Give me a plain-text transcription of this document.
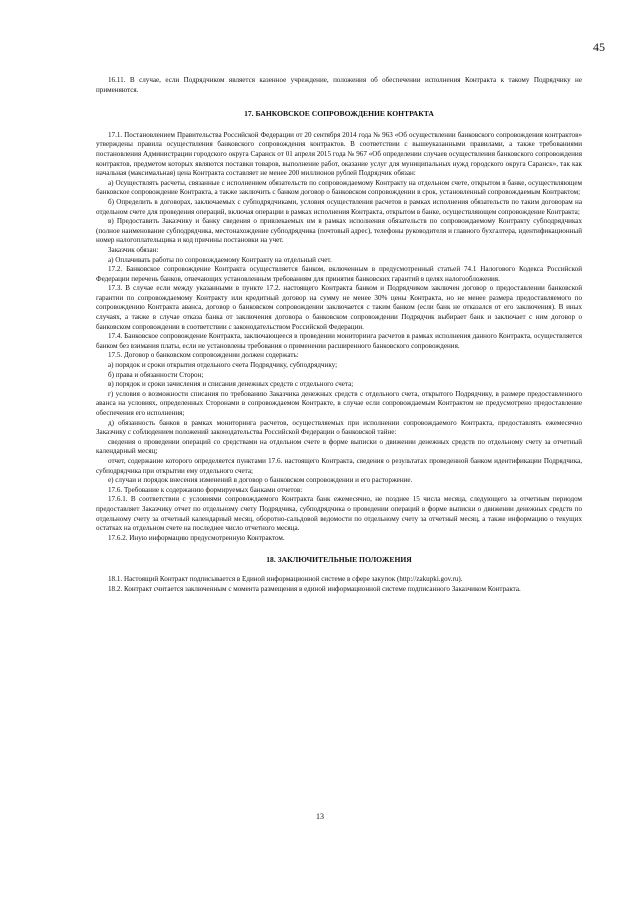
45

16.11. В случае, если Подрядчиком является казенное учреждение, положения об обеспечении исполнения Контракта к такому Подрядчику не применяются.

17. БАНКОВСКОЕ СОПРОВОЖДЕНИЕ КОНТРАКТА

17.1. Постановлением Правительства Российской Федерации от 20 сентября 2014 года № 963 «Об осуществлении банковского сопровождения контрактов» утверждены правила осуществления банковского сопровождения контрактов. В соответствии с вышеуказанными правилами, а также требованиями постановления Администрации городского округа Саранск от 01 апреля 2015 года № 967 «Об определении случаев осуществления банковского сопровождения контрактов, предметом которых являются поставки товаров, выполнение работ, оказание услуг для муниципальных нужд городского округа Саранск», так как начальная (максимальная) цена Контракта составляет не менее 200 миллионов рублей Подрядчик обязан:

а) Осуществлять расчеты, связанные с исполнением обязательств по сопровождаемому Контракту на отдельном счете, открытом в банке, осуществляющем банковское сопровождение Контракта, а также заключить с банком договор о банковском сопровождении в срок, установленный сопровождаемым Контрактом;

б) Определить в договорах, заключаемых с субподрядчиками, условия осуществления расчетов в рамках исполнения обязательств по таким договорам на отдельном счете для проведения операций, включая операции в рамках исполнения Контракта, открытом в банке, осуществляющем сопровождение Контракта;

в) Предоставить Заказчику и банку сведения о привлекаемых им в рамках исполнения обязательств по сопровождаемому Контракту субподрядчиках (полное наименование субподрядчика, местонахождение субподрядчика (почтовый адрес), телефоны руководителя и главного бухгалтера, идентификационный номер налогоплательщика и код причины постановки на учет.

Заказчик обязан:

а) Оплачивать работы по сопровождаемому Контракту на отдельный счет.

17.2. Банковское сопровождение Контракта осуществляется банком, включенным в предусмотренный статьей 74.1 Налогового Кодекса Российской Федерации перечень банков, отвечающих установленным требованиям для принятия банковских гарантий в целях налогообложения.

17.3. В случае если между указанными в пункте 17.2. настоящего Контракта банком и Подрядчиком заключен договор о предоставлении банковской гарантии по сопровождаемому Контракту или кредитный договор на сумму не менее 30% цены Контракта, но не менее размера предоставляемого по сопровождению Контракта аванса, договор о банковском сопровождении заключается с таким банком (если банк не отказался от его заключения). В иных случаях, а также в случае отказа банка от заключения договора о банковском сопровождении Подрядчик выбирает банк и заключает с ним договор о банковском сопровождении в соответствии с законодательством Российской Федерации.

17.4. Банковское сопровождение Контракта, заключающееся в проведении мониторинга расчетов в рамках исполнения данного Контракта, осуществляется банком без взимания платы, если не установлены требования о применении расширенного банковского сопровождения.

17.5. Договор о банковском сопровождении должен содержать:

а) порядок и сроки открытия отдельного счета Подрядчику, субподрядчику;

б) права и обязанности Сторон;

в) порядок и сроки зачисления и списания денежных средств с отдельного счета;

г) условия о возможности списания по требованию Заказчика денежных средств с отдельного счета, открытого Подрядчику, в размере предоставленного аванса на условиях, определенных Сторонами в сопровождаемом Контракте, в случае если сопровождаемым Контрактом не предусмотрено предоставление обеспечения его исполнения;

д) обязанность банков в рамках мониторинга расчетов, осуществляемых при исполнении сопровождаемого Контракта, предоставлять ежемесячно Заказчику с соблюдением положений законодательства Российской Федерации о банковской тайне:

сведения о проведении операций со средствами на отдельном счете в форме выписки о движении денежных средств по отдельному счету за отчетный календарный месяц;

отчет, содержание которого определяется пунктами 17.6. настоящего Контракта, сведения о результатах проведенной банком идентификации Подрядчика, субподрядчика при открытии ему отдельного счета;

е) случаи и порядок внесения изменений в договор о банковском сопровождении и его расторжение.

17.6. Требование к содержанию формируемых банками отчетов:

17.6.1. В соответствии с условиями сопровождаемого Контракта банк ежемесячно, не позднее 15 числа месяца, следующего за отчетным периодом предоставляет Заказчику отчет по отдельному счету Подрядчика, субподрядчика о проведении операций в форме выписки о движении денежных средств по отдельному счету за отчетный календарный месяц, оборотно-сальдовой ведомости по отдельному счету за отчетный месяц, а также информацию о текущих остатках на отдельном счете на последнее число отчетного месяца.

17.6.2. Иную информацию предусмотренную Контрактом.

18. ЗАКЛЮЧИТЕЛЬНЫЕ ПОЛОЖЕНИЯ

18.1. Настоящий Контракт подписывается в Единой информационной системе в сфере закупок (http://zakupki.gov.ru).

18.2. Контракт считается заключенным с момента размещения в единой информационной системе подписанного Заказчиком Контракта.

13
